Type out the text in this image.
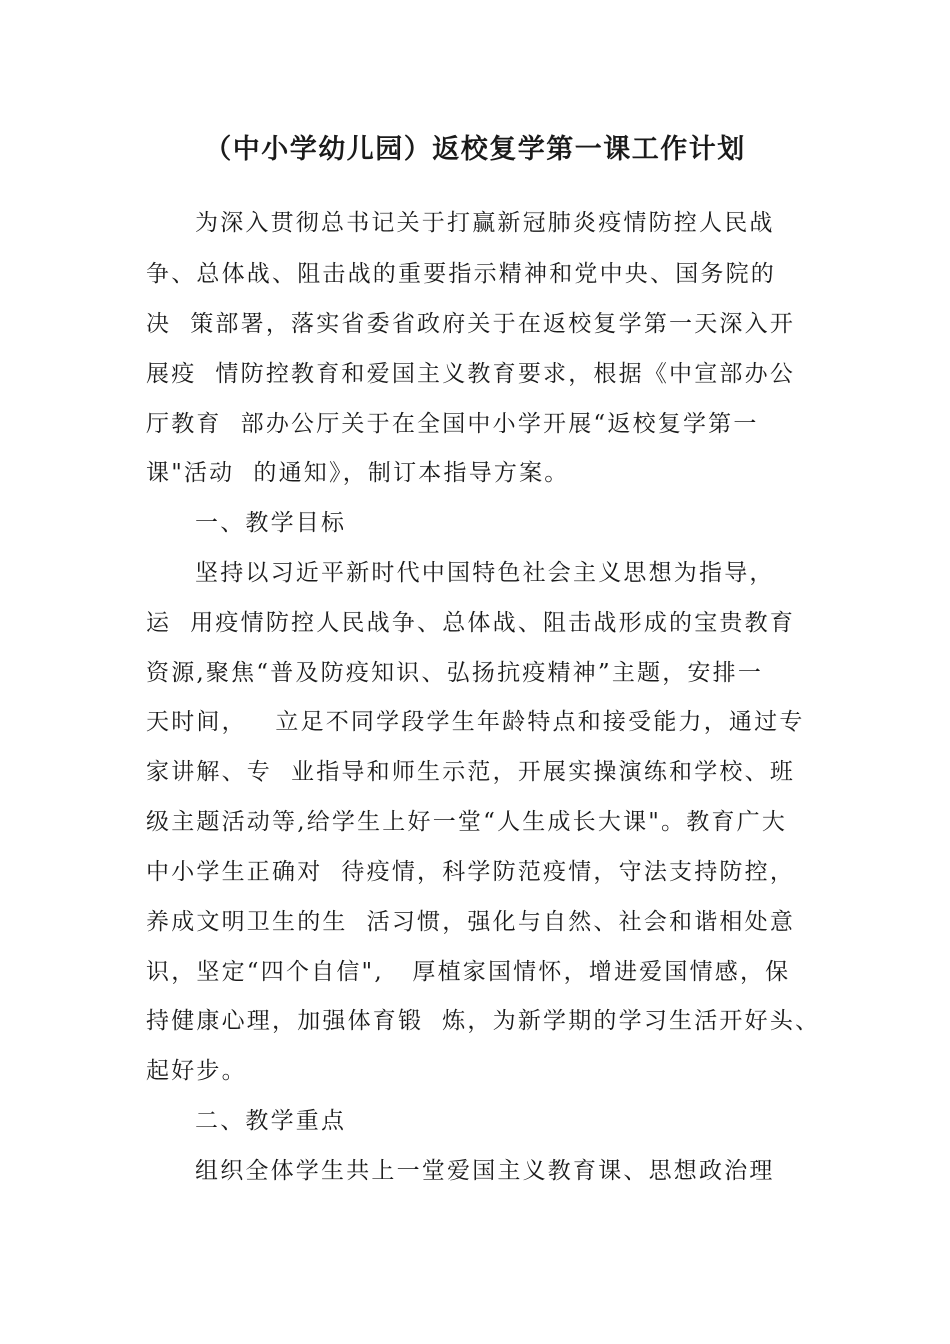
（中小学幼儿园）返校复学第一课工作计划

为深入贯彻总书记关于打赢新冠肺炎疫情防控人民战

争、总体战、阻击战的重要指示精神和党中央、国务院的

决  策部署，落实省委省政府关于在返校复学第一天深入开

展疫  情防控教育和爱国主义教育要求，根据《中宣部办公

厅教育  部办公厅关于在全国中小学开展“返校复学第一

课"活动  的通知》，制订本指导方案。

一、教学目标

坚持以习近平新时代中国特色社会主义思想为指导，

运  用疫情防控人民战争、总体战、阻击战形成的宝贵教育

资源,聚焦“普及防疫知识、弘扬抗疫精神”主题，安排一

天时间，   立足不同学段学生年龄特点和接受能力，通过专

家讲解、专  业指导和师生示范，开展实操演练和学校、班

级主题活动等,给学生上好一堂“人生成长大课"。教育广大

中小学生正确对  待疫情，科学防范疫情，守法支持防控，

养成文明卫生的生  活习惯，强化与自然、社会和谐相处意

识，坚定“四个自信",   厚植家国情怀，增进爱国情感，保

持健康心理，加强体育锻  炼，为新学期的学习生活开好头、

起好步。

二、教学重点

组织全体学生共上一堂爱国主义教育课、思想政治理
